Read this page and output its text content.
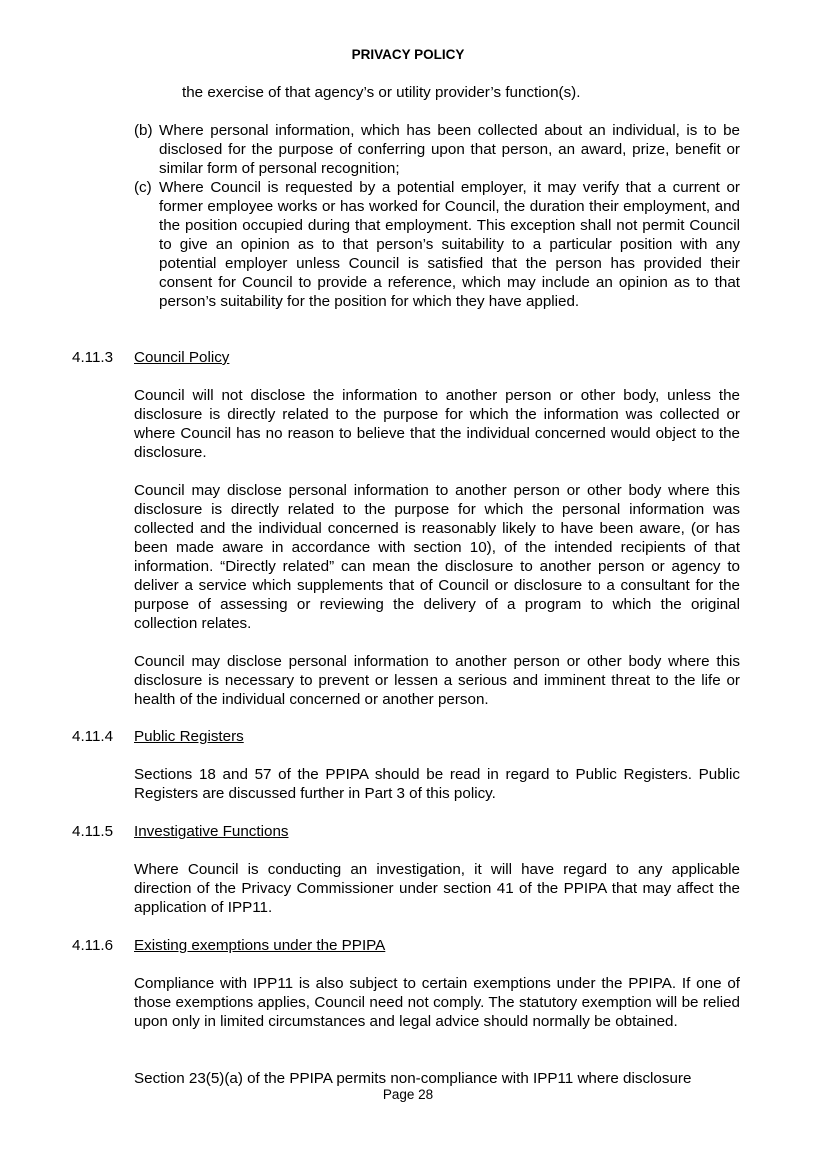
PRIVACY POLICY

the exercise of that agency’s or utility provider’s function(s).

(b) Where personal information, which has been collected about an individual, is to be disclosed for the purpose of conferring upon that person, an award, prize, benefit or similar form of personal recognition;
(c) Where Council is requested by a potential employer, it may verify that a current or former employee works or has worked for Council, the duration their employment, and the position occupied during that employment. This exception shall not permit Council to give an opinion as to that person’s suitability to a particular position with any potential employer unless Council is satisfied that the person has provided their consent for Council to provide a reference, which may include an opinion as to that person’s suitability for the position for which they have applied.
4.11.3 Council Policy

Council will not disclose the information to another person or other body, unless the disclosure is directly related to the purpose for which the information was collected or where Council has no reason to believe that the individual concerned would object to the disclosure.

Council may disclose personal information to another person or other body where this disclosure is directly related to the purpose for which the personal information was collected and the individual concerned is reasonably likely to have been aware, (or has been made aware in accordance with section 10), of the intended recipients of that information. “Directly related” can mean the disclosure to another person or agency to deliver a service which supplements that of Council or disclosure to a consultant for the purpose of assessing or reviewing the delivery of a program to which the original collection relates.

Council may disclose personal information to another person or other body where this disclosure is necessary to prevent or lessen a serious and imminent threat to the life or health of the individual concerned or another person.

4.11.4 Public Registers

Sections 18 and 57 of the PPIPA should be read in regard to Public Registers. Public Registers are discussed further in Part 3 of this policy.

4.11.5 Investigative Functions

Where Council is conducting an investigation, it will have regard to any applicable direction of the Privacy Commissioner under section 41 of the PPIPA that may affect the application of IPP11.

4.11.6 Existing exemptions under the PPIPA

Compliance with IPP11 is also subject to certain exemptions under the PPIPA. If one of those exemptions applies, Council need not comply. The statutory exemption will be relied upon only in limited circumstances and legal advice should normally be obtained.

Section 23(5)(a) of the PPIPA permits non-compliance with IPP11 where disclosure

Page 28
